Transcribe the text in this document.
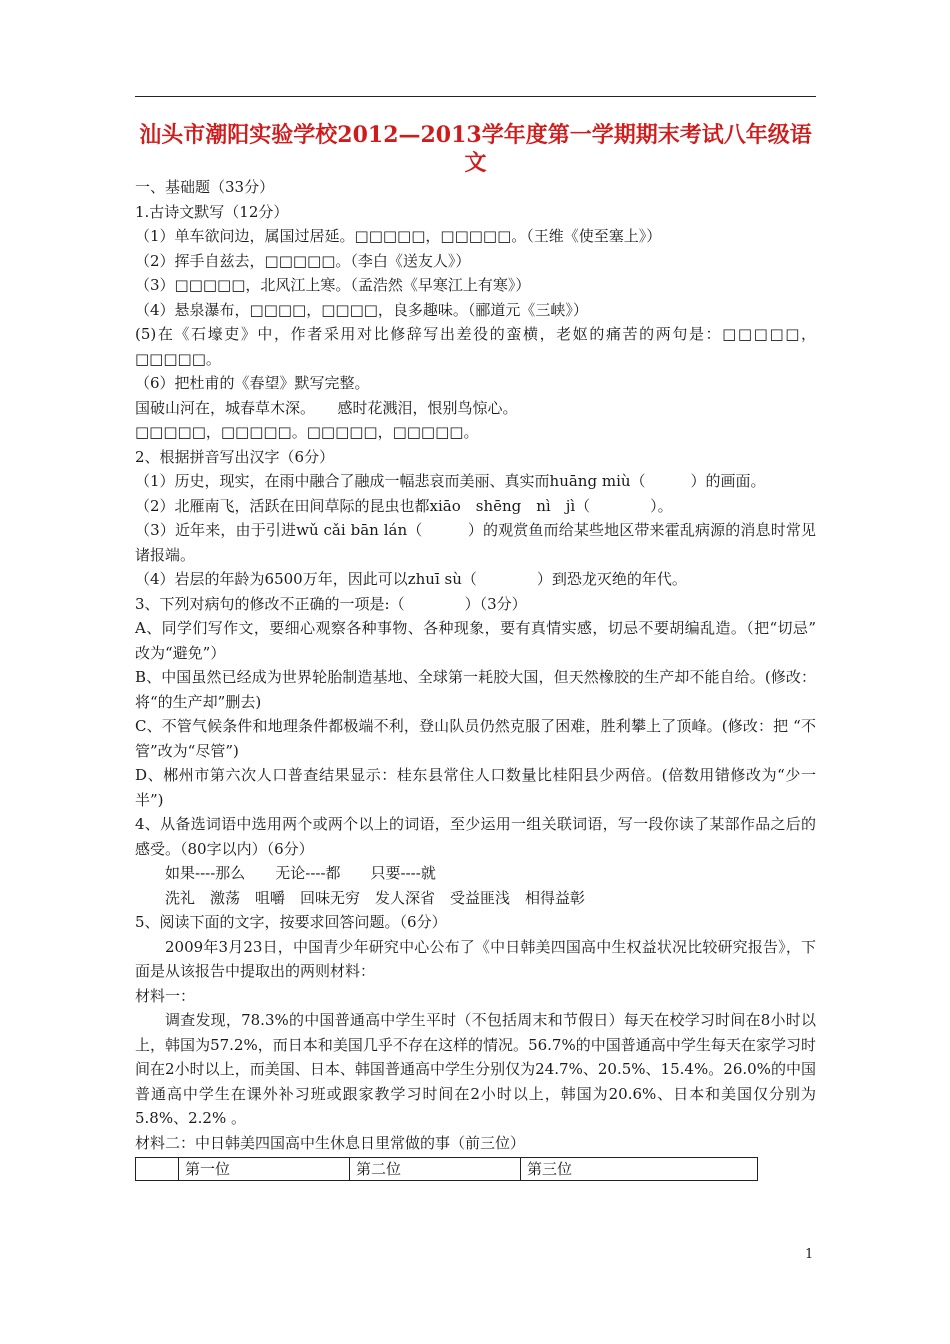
汕头市潮阳实验学校2012—2013学年度第一学期期末考试八年级语文

一、基础题（33分）

1.古诗文默写（12分）

（1）单车欲问边，属国过居延。□□□□□，□□□□□。（王维《使至塞上》）

（2）挥手自兹去，□□□□□。（李白《送友人》）

（3）□□□□□，北风江上寒。（孟浩然《早寒江上有寒》）

（4）悬泉瀑布，□□□□，□□□□，良多趣味。（郦道元《三峡》）

(5)在《石壕吏》中，作者采用对比修辞写出差役的蛮横，老妪的痛苦的两句是：□□□□□，□□□□□。

（6）把杜甫的《春望》默写完整。

国破山河在，城春草木深。　　感时花溅泪，恨别鸟惊心。

□□□□□，□□□□□。□□□□□，□□□□□。

2、根据拼音写出汉字（6分）

（1）历史，现实，在雨中融合了融成一幅悲哀而美丽、真实而huāng miù（　　　）的画面。

（2）北雁南飞，活跃在田间草际的昆虫也都xiāo　shēng　nì　jì（　　　　）。

（3）近年来，由于引进wǔ cǎi bān lán（　　　）的观赏鱼而给某些地区带来霍乱病源的消息时常见诸报端。

（4）岩层的年龄为6500万年，因此可以zhuī sù（　　　　）到恐龙灭绝的年代。

3、下列对病句的修改不正确的一项是:（　　　　）（3分）

A、同学们写作文，要细心观察各种事物、各种现象，要有真情实感，切忌不要胡编乱造。（把“切忌” 改为“避免”）

B、中国虽然已经成为世界轮胎制造基地、全球第一耗胶大国，但天然橡胶的生产却不能自给。(修改：将“的生产却”删去)

C、不管气候条件和地理条件都极端不利，登山队员仍然克服了困难，胜利攀上了顶峰。(修改：把 “不管”改为“尽管”)

D、郴州市第六次人口普查结果显示：桂东县常住人口数量比桂阳县少两倍。(倍数用错修改为“少一半”)

4、从备选词语中选用两个或两个以上的词语，至少运用一组关联词语，写一段你读了某部作品之后的感受。（80字以内）（6分）

如果----那么　　无论----都　　只要----就

洗礼　激荡　咀嚼　回味无穷　发人深省　受益匪浅　相得益彰

5、阅读下面的文字，按要求回答问题。（6分）

2009年3月23日，中国青少年研究中心公布了《中日韩美四国高中生权益状况比较研究报告》，下面是从该报告中提取出的两则材料：

材料一：

调查发现，78.3%的中国普通高中学生平时（不包括周末和节假日）每天在校学习时间在8小时以上，韩国为57.2%，而日本和美国几乎不存在这样的情况。56.7%的中国普通高中学生每天在家学习时间在2小时以上，而美国、日本、韩国普通高中学生分别仅为24.7%、20.5%、15.4%。26.0%的中国普通高中学生在课外补习班或跟家教学习时间在2小时以上，韩国为20.6%、日本和美国仅分别为5.8%、2.2% 。

材料二：中日韩美四国高中生休息日里常做的事（前三位）

	第一位	第二位	第三位
1
